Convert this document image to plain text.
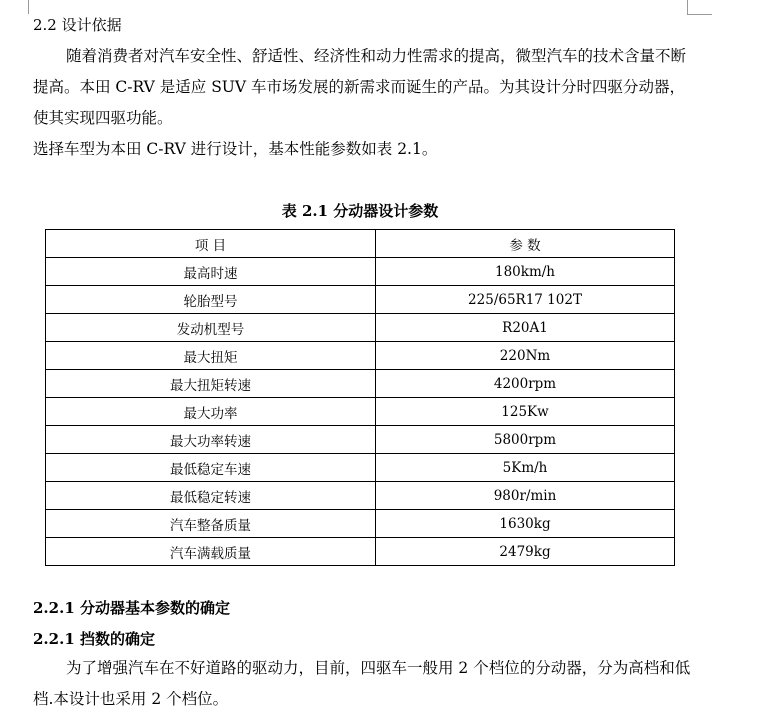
2.2 设计依据
随着消费者对汽车安全性、舒适性、经济性和动力性需求的提高，微型汽车的技术含量不断提高。本田 C-RV 是适应 SUV 车市场发展的新需求而诞生的产品。为其设计分时四驱分动器，使其实现四驱功能。
选择车型为本田 C-RV 进行设计，基本性能参数如表 2.1。
表 2.1 分动器设计参数
项 目	参 数
最高时速	180km/h
轮胎型号	225/65R17 102T
发动机型号	R20A1
最大扭矩	220Nm
最大扭矩转速	4200rpm
最大功率	125Kw
最大功率转速	5800rpm
最低稳定车速	5Km/h
最低稳定转速	980r/min
汽车整备质量	1630kg
汽车满载质量	2479kg
2.2.1 分动器基本参数的确定
2.2.1 挡数的确定
为了增强汽车在不好道路的驱动力，目前，四驱车一般用 2 个档位的分动器，分为高档和低档.本设计也采用 2 个档位。
